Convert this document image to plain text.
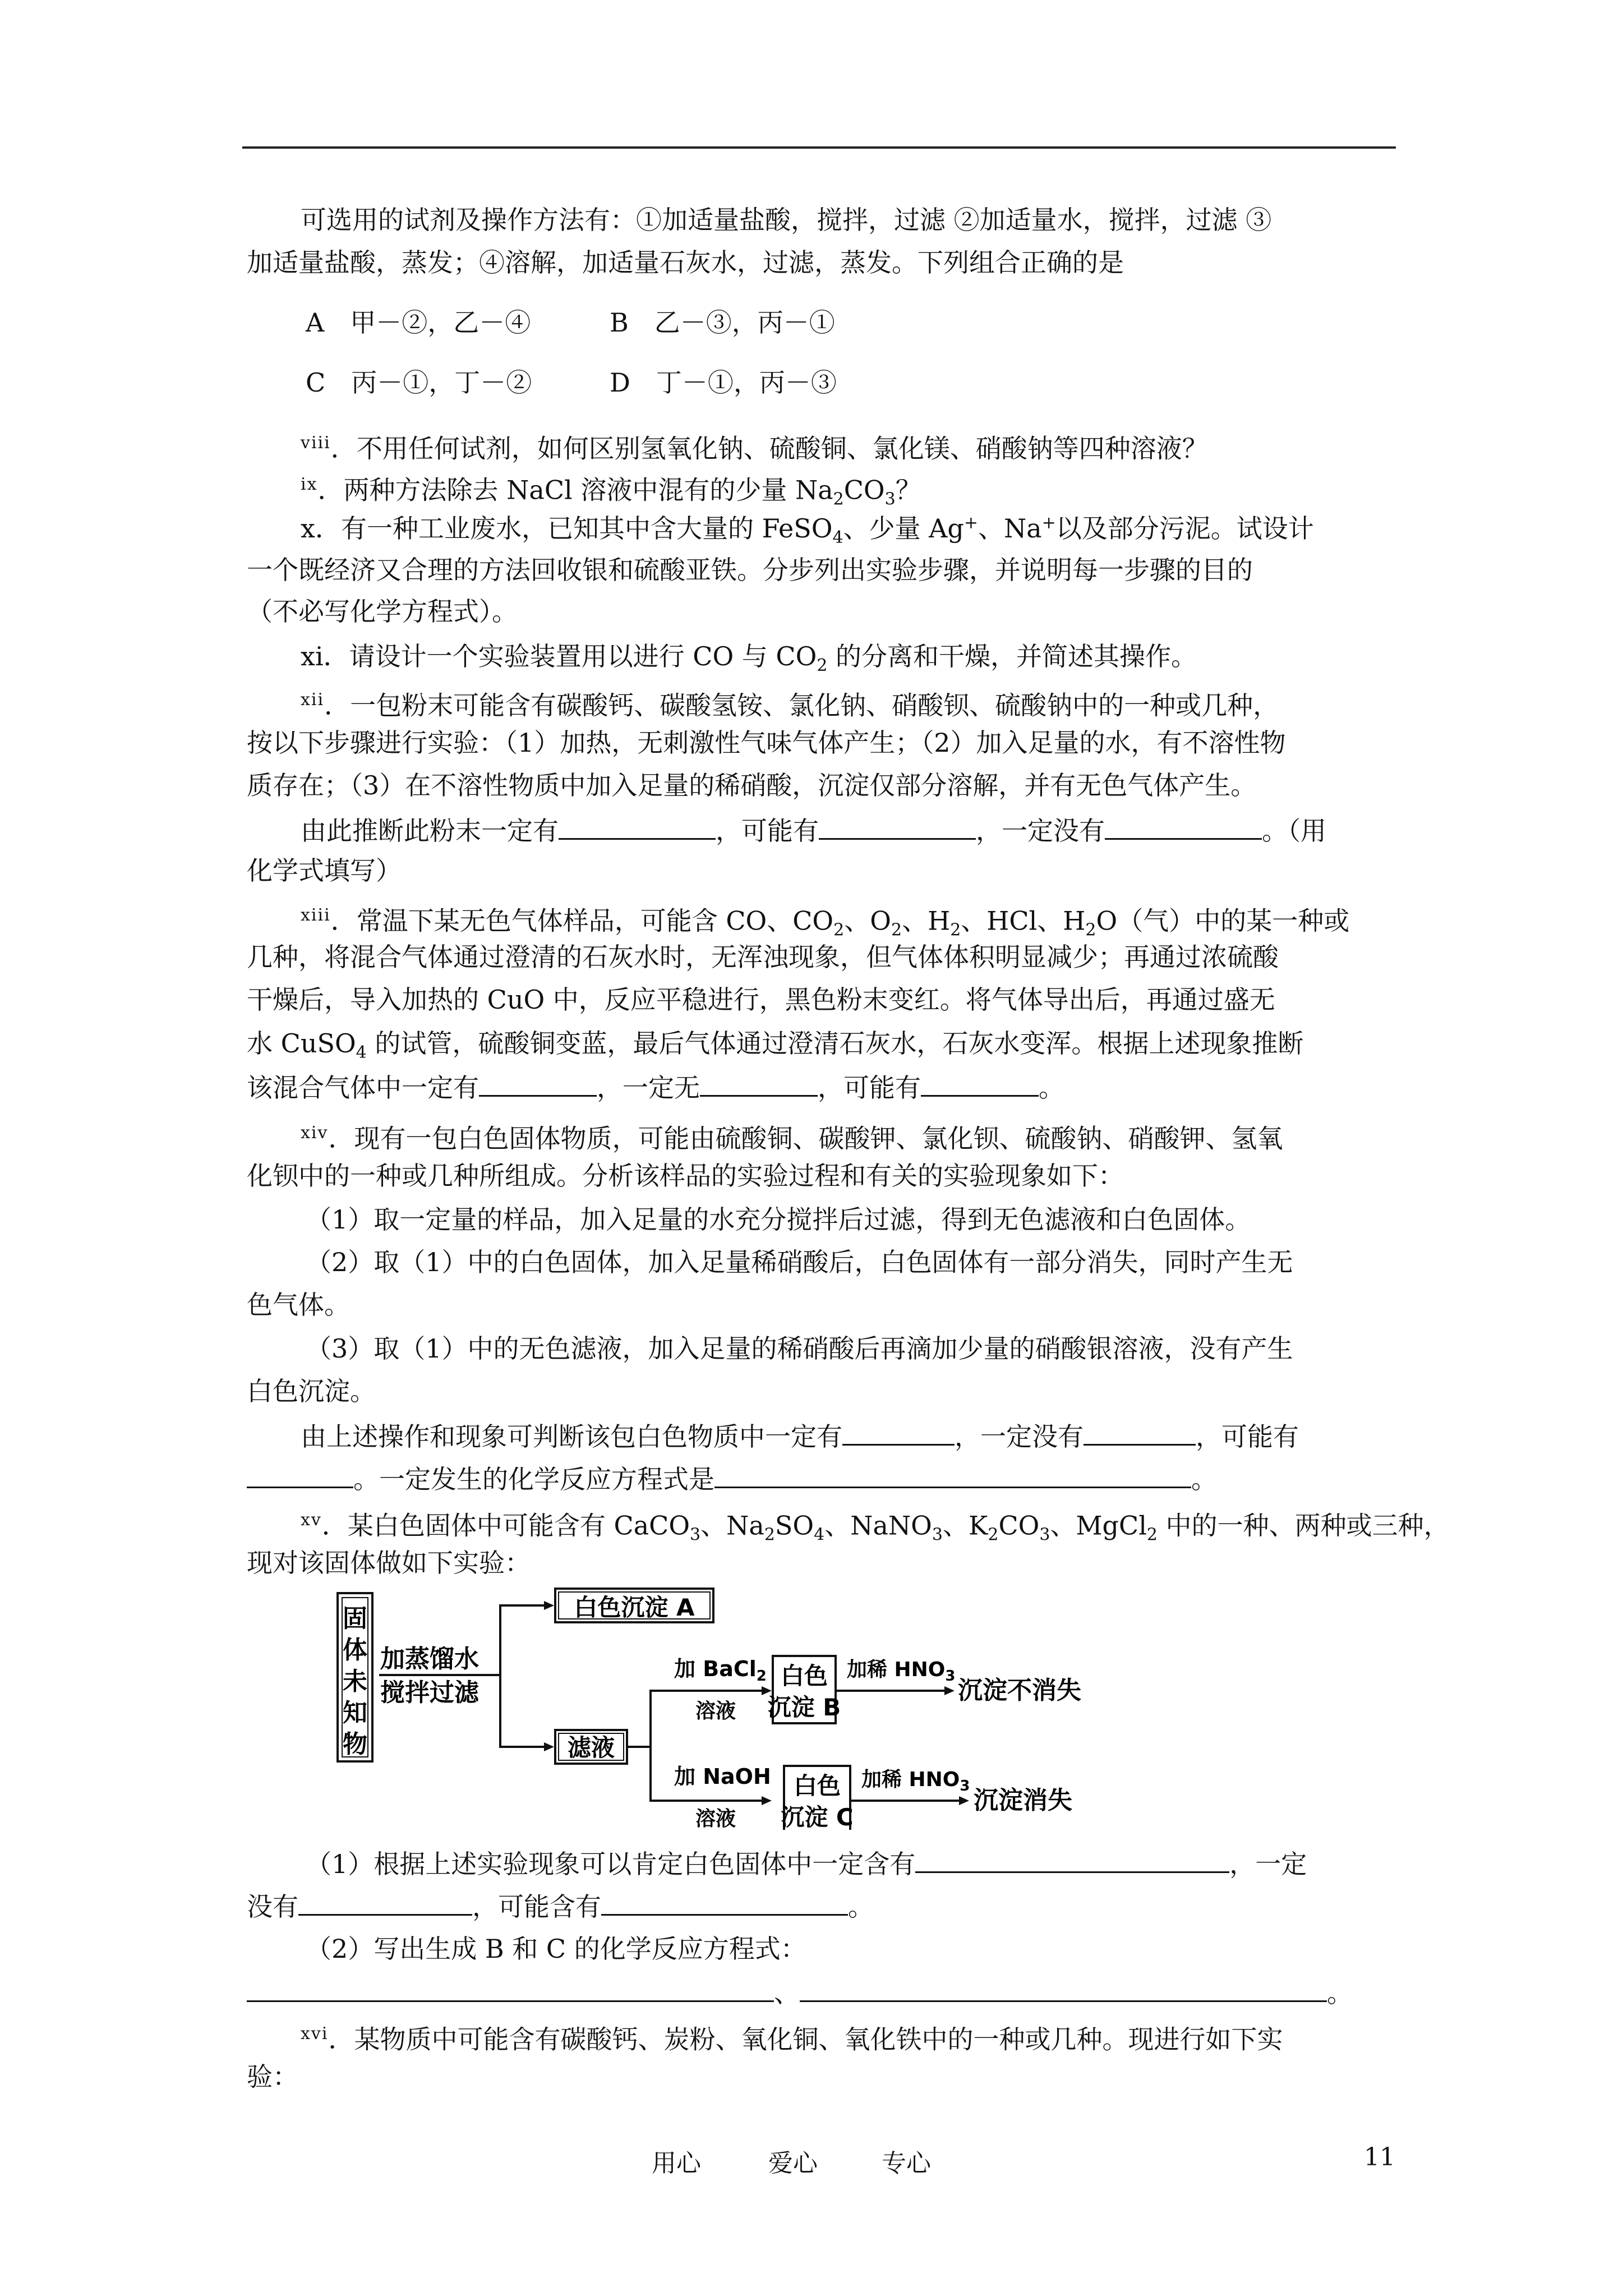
可选用的试剂及操作方法有：①加适量盐酸，搅拌，过滤 ②加适量水，搅拌，过滤 ③
加适量盐酸，蒸发；④溶解，加适量石灰水，过滤，蒸发。下列组合正确的是
A　甲－②，乙－④	B　乙－③，丙－①
C　丙－①，丁－②	D　丁－①，丙－③
$^{viii}$．不用任何试剂，如何区别氢氧化钠、硫酸铜、氯化镁、硝酸钠等四种溶液？
$^{ix}$．两种方法除去 NaCl 溶液中混有的少量 $Na_2CO_3$？
x．有一种工业废水，已知其中含大量的 FeSO$_4$、少量 Ag+、Na+以及部分污泥。试设计
一个既经济又合理的方法回收银和硫酸亚铁。分步列出实验步骤，并说明每一步骤的目的
（不必写化学方程式）。
xi．请设计一个实验装置用以进行 CO 与 $CO_2$ 的分离和干燥，并简述其操作。
$^{xii}$．一包粉末可能含有碳酸钙、碳酸氢铵、氯化钠、硝酸钡、硫酸钠中的一种或几种，
按以下步骤进行实验：（1）加热，无刺激性气味气体产生；（2）加入足量的水，有不溶性物
质存在；（3）在不溶性物质中加入足量的稀硝酸，沉淀仅部分溶解，并有无色气体产生。
由此推断此粉末一定有	，可能有	，一定没有	。（用
化学式填写）
$^{xiii}$．常温下某无色气体样品，可能含 CO、$CO_2$、$O_2$、$H_2$、HCl、$H_2O$（气）中的某一种或
几种，将混合气体通过澄清的石灰水时，无浑浊现象，但气体体积明显减少；再通过浓硫酸
干燥后，导入加热的 CuO 中，反应平稳进行，黑色粉末变红。将气体导出后，再通过盛无
水 CuSO$_4$ 的试管，硫酸铜变蓝，最后气体通过澄清石灰水，石灰水变浑。根据上述现象推断
该混合气体中一定有	，一定无	，可能有	。
$^{xiv}$．现有一包白色固体物质，可能由硫酸铜、碳酸钾、氯化钡、硫酸钠、硝酸钾、氢氧
化钡中的一种或几种所组成。分析该样品的实验过程和有关的实验现象如下：
（1）取一定量的样品，加入足量的水充分搅拌后过滤，得到无色滤液和白色固体。
（2）取（1）中的白色固体，加入足量稀硝酸后，白色固体有一部分消失，同时产生无
色气体。
（3）取（1）中的无色滤液，加入足量的稀硝酸后再滴加少量的硝酸银溶液，没有产生
白色沉淀。
由上述操作和现象可判断该包白色物质中一定有	，一定没有	，可能有
。一定发生的化学反应方程式是	。
$^{xv}$．某白色固体中可能含有 CaCO$_3$、$Na_2SO_4$、NaNO$_3$、$K_2CO_3$、MgCl$_2$ 中的一种、两种或三种，
现对该固体做如下实验：
固
体
未
知
物
加蒸馏水
搅拌过滤
白色沉淀 A
滤液
加 BaCl$_2$
溶液
白色
沉淀 B
加稀 $HNO_3$ 沉淀不消失
加 NaOH
溶液
白色
沉淀 C
加稀 $HNO_3$ 沉淀消失
（1）根据上述实验现象可以肯定白色固体中一定含有	，一定
没有	，可能含有	。
（2）写出生成 B 和 C 的化学反应方程式：
、	。
$^{xvi}$．某物质中可能含有碳酸钙、炭粉、氧化铜、氧化铁中的一种或几种。现进行如下实
验：
用心	爱心	专心	11
